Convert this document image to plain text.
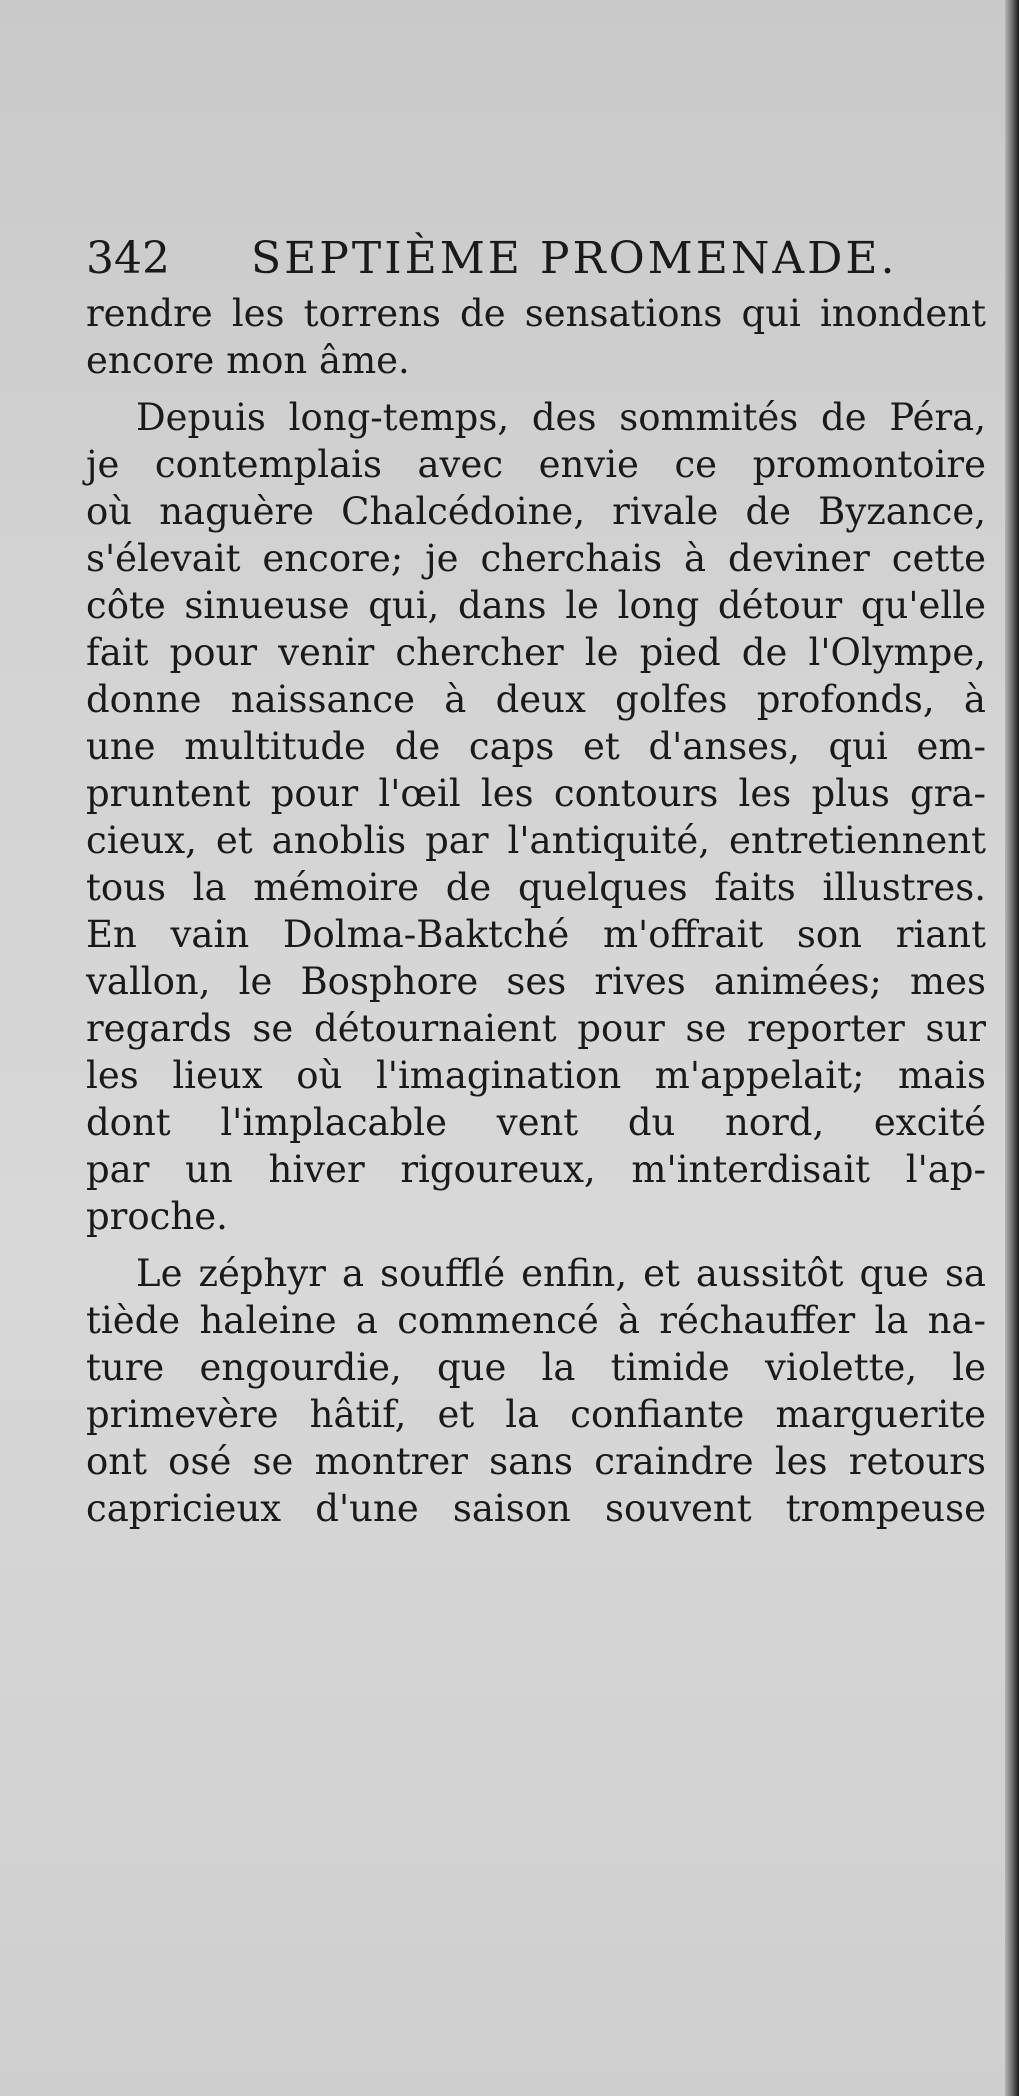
342 SEPTIÈME PROMENADE.
rendre les torrens de sensations qui inondent
encore mon âme.
Depuis long-temps, des sommités de Péra,
je contemplais avec envie ce promontoire
où naguère Chalcédoine, rivale de Byzance,
s'élevait encore; je cherchais à deviner cette
côte sinueuse qui, dans le long détour qu'elle
fait pour venir chercher le pied de l'Olympe,
donne naissance à deux golfes profonds, à
une multitude de caps et d'anses, qui em-
pruntent pour l'œil les contours les plus gra-
cieux, et anoblis par l'antiquité, entretiennent
tous la mémoire de quelques faits illustres.
En vain Dolma-Baktché m'offrait son riant
vallon, le Bosphore ses rives animées; mes
regards se détournaient pour se reporter sur
les lieux où l'imagination m'appelait; mais
dont l'implacable vent du nord, excité
par un hiver rigoureux, m'interdisait l'ap-
proche.
Le zéphyr a soufflé enfin, et aussitôt que sa
tiède haleine a commencé à réchauffer la na-
ture engourdie, que la timide violette, le
primevère hâtif, et la confiante marguerite
ont osé se montrer sans craindre les retours
capricieux d'une saison souvent trompeuse
